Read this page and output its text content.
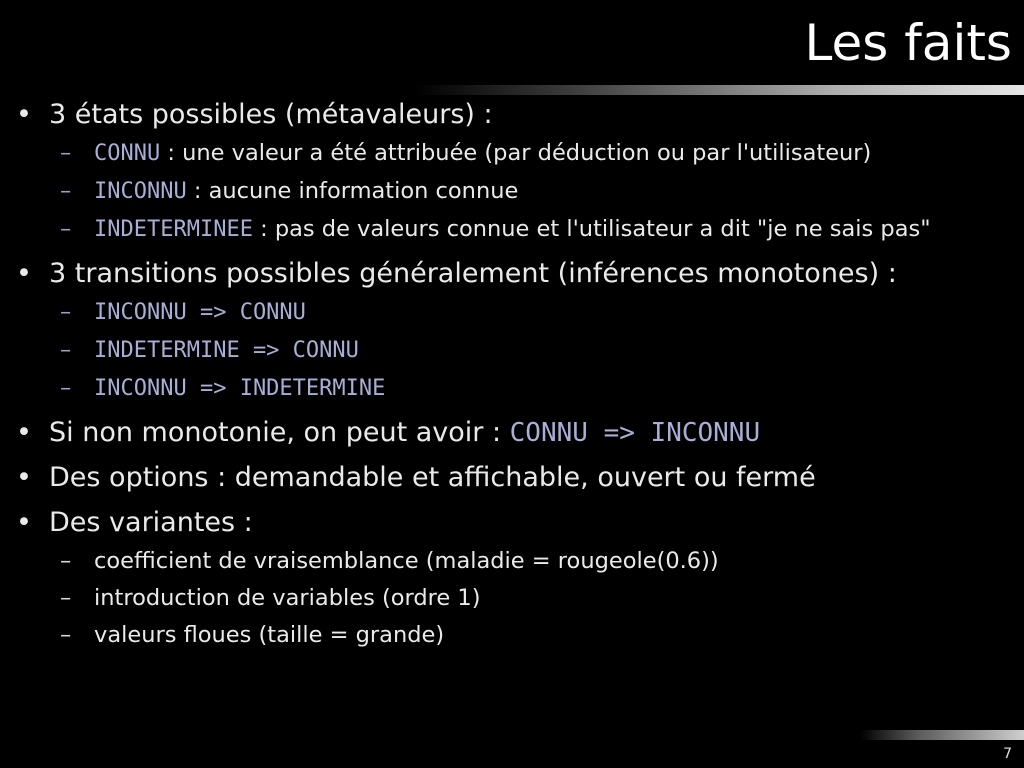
Les faits
• 3 états possibles (métavaleurs) :
– CONNU : une valeur a été attribuée (par déduction ou par l'utilisateur)
– INCONNU : aucune information connue
– INDETERMINEE : pas de valeurs connue et l'utilisateur a dit "je ne sais pas"
• 3 transitions possibles généralement (inférences monotones) :
– INCONNU => CONNU
– INDETERMINE => CONNU
– INCONNU => INDETERMINE
• Si non monotonie, on peut avoir : CONNU => INCONNU
• Des options : demandable et affichable, ouvert ou fermé
• Des variantes :
– coefficient de vraisemblance (maladie = rougeole(0.6))
– introduction de variables (ordre 1)
– valeurs floues (taille = grande)
7
